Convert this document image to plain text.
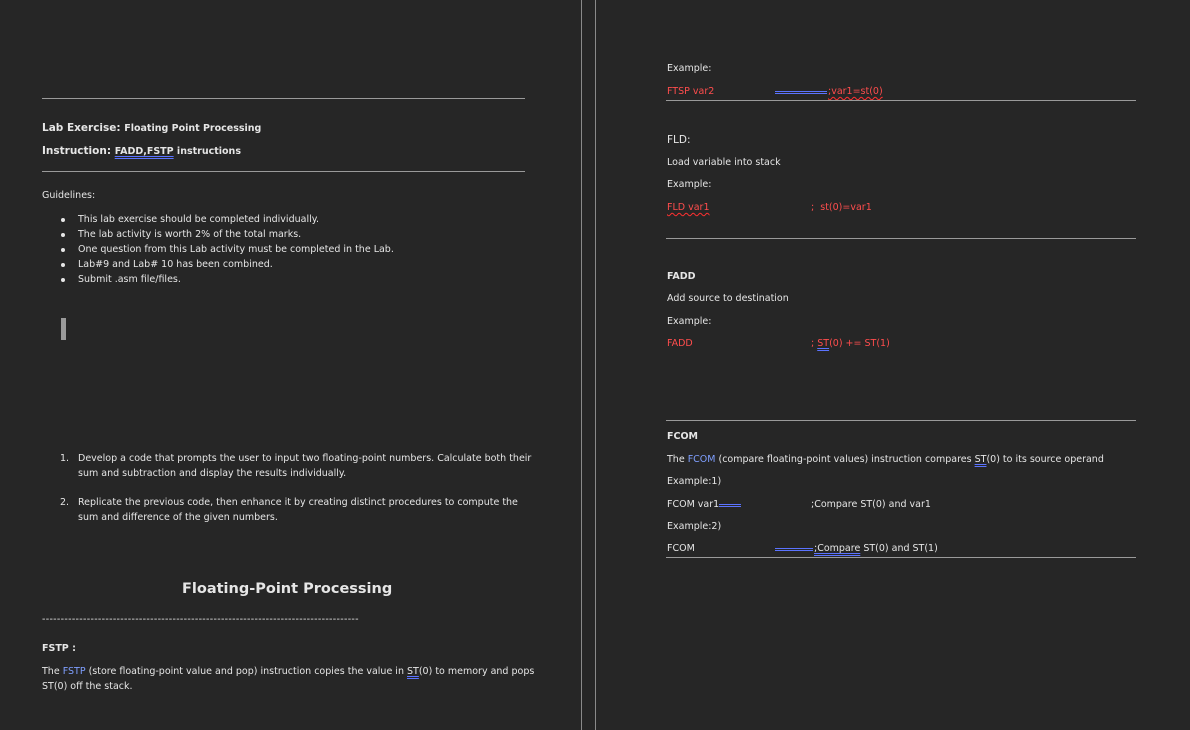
Lab Exercise: Floating Point Processing
Instruction: FADD,FSTP instructions
Guidelines:
This lab exercise should be completed individually.
The lab activity is worth 2% of the total marks.
One question from this Lab activity must be completed in the Lab.
Lab#9 and Lab# 10 has been combined.
Submit .asm file/files.
1. Develop a code that prompts the user to input two floating-point numbers. Calculate both their
sum and subtraction and display the results individually.
2. Replicate the previous code, then enhance it by creating distinct procedures to compute the
sum and difference of the given numbers.
Floating-Point Processing
-------------------------------------------------------------------------------------
FSTP :
The FSTP (store floating-point value and pop) instruction copies the value in ST(0) to memory and pops
ST(0) off the stack.
Example:
FTSP var2	;var1=st(0)
FLD:
Load variable into stack
Example:
FLD var1	; st(0)=var1
FADD
Add source to destination
Example:
FADD	; ST(0) += ST(1)
FCOM
The FCOM (compare floating-point values) instruction compares ST(0) to its source operand
Example:1)
FCOM var1	;Compare ST(0) and var1
Example:2)
FCOM	;Compare ST(0) and ST(1)
